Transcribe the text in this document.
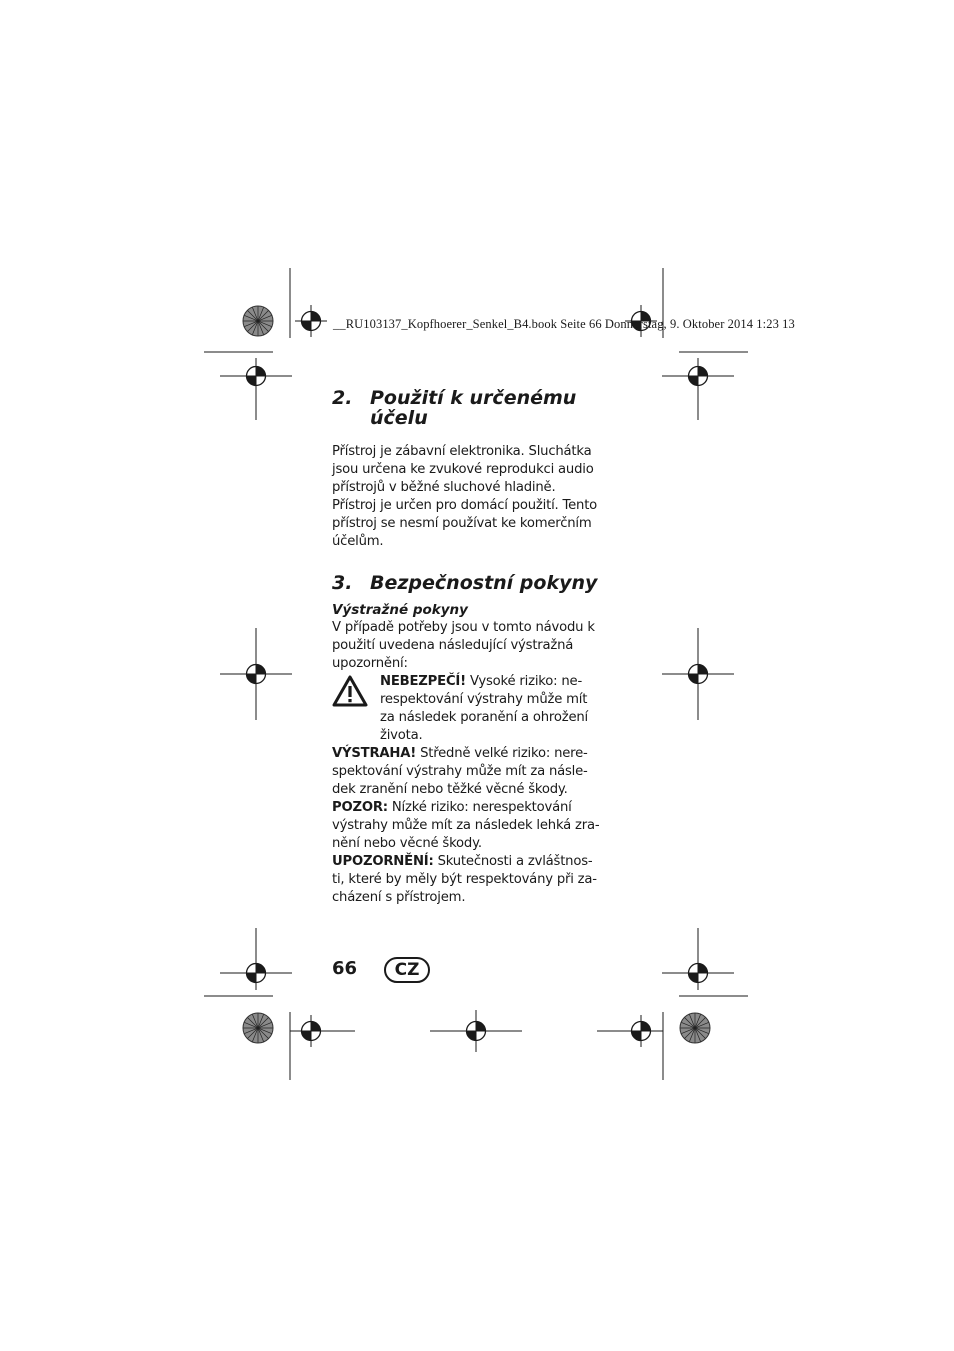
__RU103137_Kopfhoerer_Senkel_B4.book Seite 66 Donnerstag, 9. Oktober 2014 1:23 13
2. Použití k určenému
účelu

Přístroj je zábavní elektronika. Sluchátka

jsou určena ke zvukové reprodukci audio

přístrojů v běžné sluchové hladině.

Přístroj je určen pro domácí použití. Tento

přístroj se nesmí používat ke komerčním

účelům.

3. Bezpečnostní pokyny

Výstražné pokyny

V případě potřeby jsou v tomto návodu k

použití uvedena následující výstražná

upozornění:

NEBEZPEČÍ! Vysoké riziko: ne-

respektování výstrahy může mít

za následek poranění a ohrožení

života.

VÝSTRAHA! Středně velké riziko: nere-

spektování výstrahy může mít za násle-

dek zranění nebo těžké věcné škody.

POZOR: Nízké riziko: nerespektování

výstrahy může mít za následek lehká zra-

nění nebo věcné škody.

UPOZORNĚNÍ: Skutečnosti a zvláštnos-

ti, které by měly být respektovány při za-

cházení s přístrojem.

66	CZ
